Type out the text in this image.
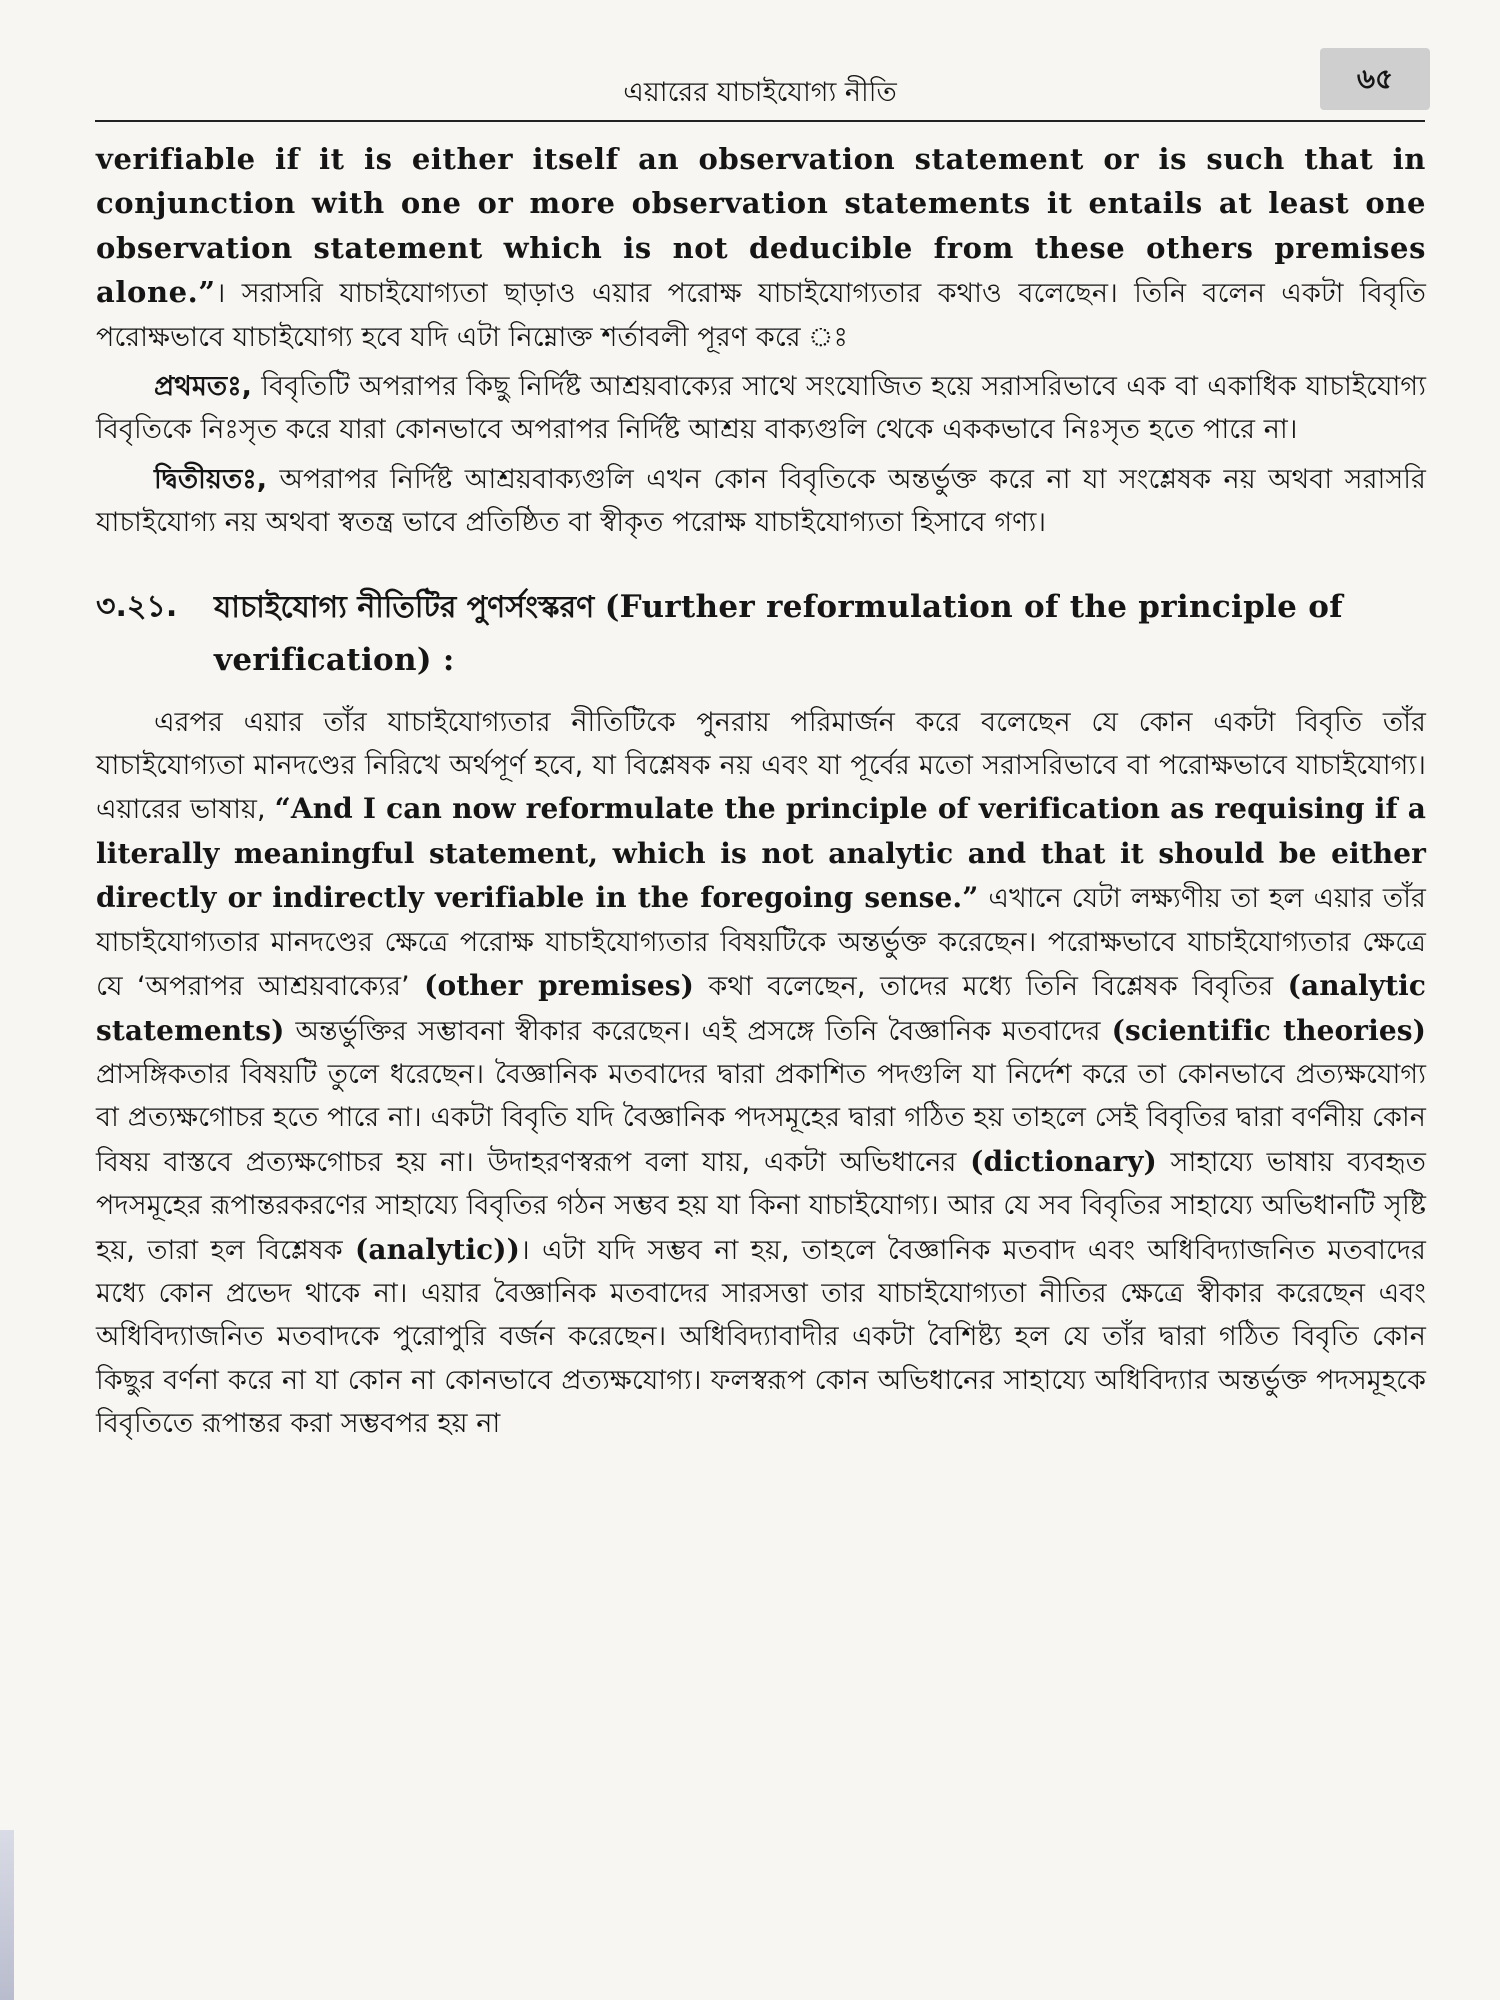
এয়ারের যাচাইযোগ্য নীতি	৬৫

verifiable if it is either itself an observation statement or is such that in conjunction with one or more observation statements it entails at least one observation statement which is not deducible from these others premises alone.”। সরাসরি যাচাইযোগ্যতা ছাড়াও এয়ার পরোক্ষ যাচাইযোগ্যতার কথাও বলেছেন। তিনি বলেন একটা বিবৃতি পরোক্ষভাবে যাচাইযোগ্য হবে যদি এটা নিম্নোক্ত শর্তাবলী পূরণ করে ঃ

প্রথমতঃ, বিবৃতিটি অপরাপর কিছু নির্দিষ্ট আশ্রয়বাক্যের সাথে সংযোজিত হয়ে সরাসরিভাবে এক বা একাধিক যাচাইযোগ্য বিবৃতিকে নিঃসৃত করে যারা কোনভাবে অপরাপর নির্দিষ্ট আশ্রয় বাক্যগুলি থেকে এককভাবে নিঃসৃত হতে পারে না।

দ্বিতীয়তঃ, অপরাপর নির্দিষ্ট আশ্রয়বাক্যগুলি এখন কোন বিবৃতিকে অন্তর্ভুক্ত করে না যা সংশ্লেষক নয় অথবা সরাসরি যাচাইযোগ্য নয় অথবা স্বতন্ত্র ভাবে প্রতিষ্ঠিত বা স্বীকৃত পরোক্ষ যাচাইযোগ্যতা হিসাবে গণ্য।

৩.২১.	যাচাইযোগ্য নীতিটির পুণর্সংস্করণ (Further reformulation of the principle of verification) :

এরপর এয়ার তাঁর যাচাইযোগ্যতার নীতিটিকে পুনরায় পরিমার্জন করে বলেছেন যে কোন একটা বিবৃতি তাঁর যাচাইযোগ্যতা মানদণ্ডের নিরিখে অর্থপূর্ণ হবে, যা বিশ্লেষক নয় এবং যা পূর্বের মতো সরাসরিভাবে বা পরোক্ষভাবে যাচাইযোগ্য। এয়ারের ভাষায়, “And I can now reformulate the principle of verification as requising if a literally meaningful statement, which is not analytic and that it should be either directly or indirectly verifiable in the foregoing sense.” এখানে যেটা লক্ষ্যণীয় তা হল এয়ার তাঁর যাচাইযোগ্যতার মানদণ্ডের ক্ষেত্রে পরোক্ষ যাচাইযোগ্যতার বিষয়টিকে অন্তর্ভুক্ত করেছেন। পরোক্ষভাবে যাচাইযোগ্যতার ক্ষেত্রে যে ‘অপরাপর আশ্রয়বাক্যের’ (other premises) কথা বলেছেন, তাদের মধ্যে তিনি বিশ্লেষক বিবৃতির (analytic statements) অন্তর্ভুক্তির সম্ভাবনা স্বীকার করেছেন। এই প্রসঙ্গে তিনি বৈজ্ঞানিক মতবাদের (scientific theories) প্রাসঙ্গিকতার বিষয়টি তুলে ধরেছেন। বৈজ্ঞানিক মতবাদের দ্বারা প্রকাশিত পদগুলি যা নির্দেশ করে তা কোনভাবে প্রত্যক্ষযোগ্য বা প্রত্যক্ষগোচর হতে পারে না। একটা বিবৃতি যদি বৈজ্ঞানিক পদসমূহের দ্বারা গঠিত হয় তাহলে সেই বিবৃতির দ্বারা বর্ণনীয় কোন বিষয় বাস্তবে প্রত্যক্ষগোচর হয় না। উদাহরণস্বরূপ বলা যায়, একটা অভিধানের (dictionary) সাহায্যে ভাষায় ব্যবহৃত পদসমূহের রূপান্তরকরণের সাহায্যে বিবৃতির গঠন সম্ভব হয় যা কিনা যাচাইযোগ্য। আর যে সব বিবৃতির সাহায্যে অভিধানটি সৃষ্টি হয়, তারা হল বিশ্লেষক (analytic))। এটা যদি সম্ভব না হয়, তাহলে বৈজ্ঞানিক মতবাদ এবং অধিবিদ্যাজনিত মতবাদের মধ্যে কোন প্রভেদ থাকে না। এয়ার বৈজ্ঞানিক মতবাদের সারসত্তা তার যাচাইযোগ্যতা নীতির ক্ষেত্রে স্বীকার করেছেন এবং অধিবিদ্যাজনিত মতবাদকে পুরোপুরি বর্জন করেছেন। অধিবিদ্যাবাদীর একটা বৈশিষ্ট্য হল যে তাঁর দ্বারা গঠিত বিবৃতি কোন কিছুর বর্ণনা করে না যা কোন না কোনভাবে প্রত্যক্ষযোগ্য। ফলস্বরূপ কোন অভিধানের সাহায্যে অধিবিদ্যার অন্তর্ভুক্ত পদসমূহকে বিবৃতিতে রূপান্তর করা সম্ভবপর হয় না
